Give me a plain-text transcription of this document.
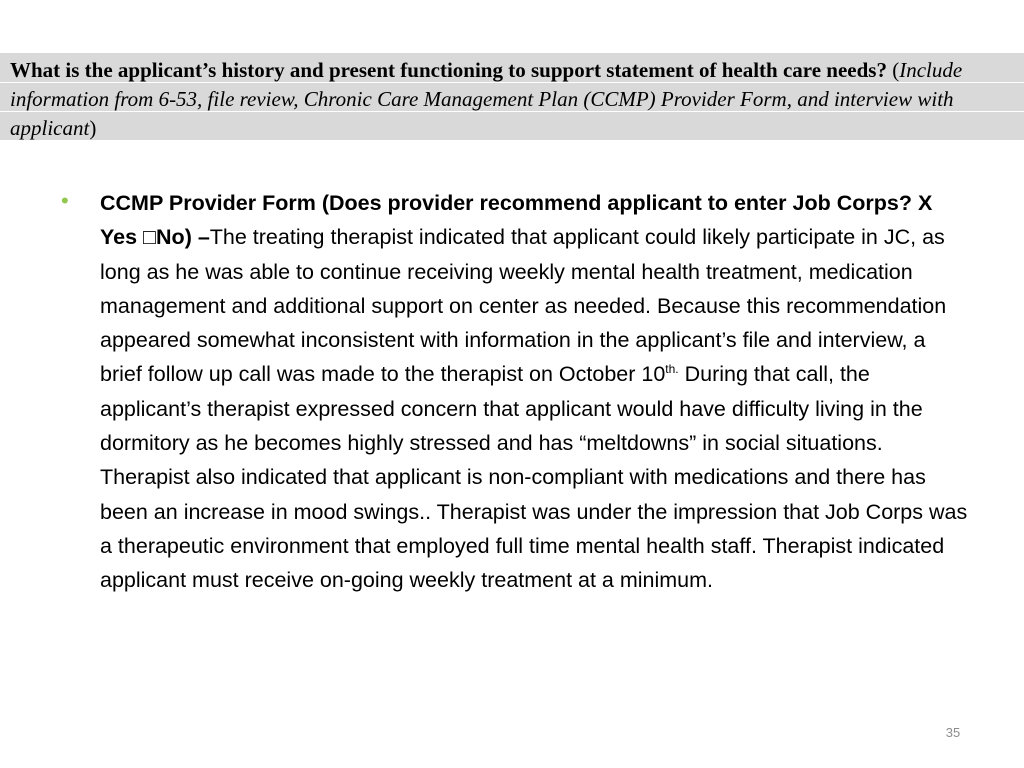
What is the applicant’s history and present functioning to support statement of health care needs? (Include information from 6-53, file review, Chronic Care Management Plan (CCMP) Provider Form, and interview with applicant)
• CCMP Provider Form (Does provider recommend applicant to enter Job Corps? X Yes □No) –The treating therapist indicated that applicant could likely participate in JC, as long as he was able to continue receiving weekly mental health treatment, medication management and additional support on center as needed. Because this recommendation appeared somewhat inconsistent with information in the applicant’s file and interview, a brief follow up call was made to the therapist on October $10^{th.}$ During that call, the applicant’s therapist expressed concern that applicant would have difficulty living in the dormitory as he becomes highly stressed and has “meltdowns” in social situations. Therapist also indicated that applicant is non-compliant with medications and there has been an increase in mood swings.. Therapist was under the impression that Job Corps was a therapeutic environment that employed full time mental health staff. Therapist indicated applicant must receive on-going weekly treatment at a minimum.
35
